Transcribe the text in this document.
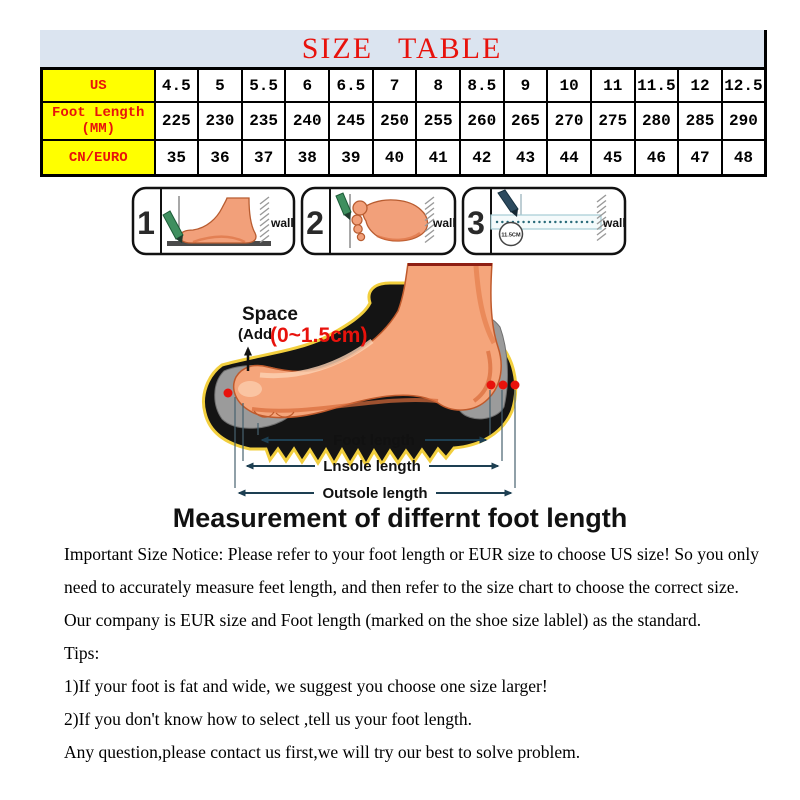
SIZE TABLE
US	4.5	5	5.5	6	6.5	7	8	8.5	9	10	11	11.5	12	12.5

Foot Length
(MM)	225	230	235	240	245	250	255	260	265	270	275	280	285	290
CN/EURO	35	36	37	38	39	40	41	42	43	44	45	46	47	48
1	wall 2	wall 3	11.5CM
wall
Space
(Add
(0~1.5cm)
Foot length
Lnsole length
Outsole length
Measurement of differnt foot length

Important Size Notice: Please refer to your foot length or EUR size to choose US size! So you only

need to accurately measure feet length, and then refer to the size chart to choose the correct size.

Our company is EUR size and Foot length (marked on the shoe size lablel) as the standard.

Tips:

1)If your foot is fat and wide, we suggest you choose one size larger!

2)If you don't know how to select ,tell us your foot length.

Any question,please contact us first,we will try our best to solve problem.
